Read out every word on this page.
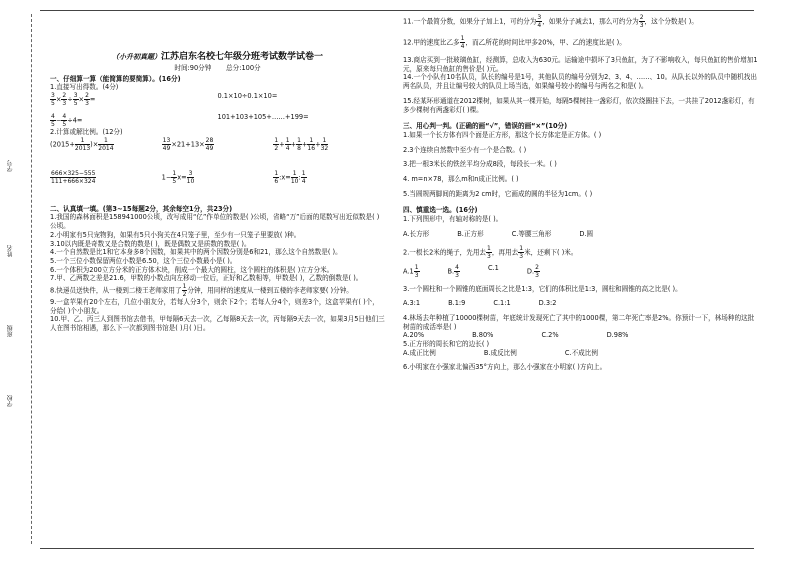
学号
姓名
班级
学校
（小升初真题）江苏启东名校七年级分班考试数学试卷一
时间:90分钟 总分:100分

一、仔细算一算（能简算的要简算）。(16分)

1.直接写出得数。(4分)

$\frac{3}{5} \times \frac{2}{3} \div \frac{3}{5} \times \frac{2}{3}$ =	0.1×10÷0.1×10=
$\frac{4}{5} - \frac{4}{5} \div 4=$	101+103+105+……+199=

2.计算或解比例。(12分)

($2015+ \frac{1}{2013}$ )× $\frac{1}{2014}$	$\frac{13}{49} \times 21+13\times \frac{28}{49}$	$\frac{1}{2} + \frac{1}{4} + \frac{1}{8} + \frac{1}{16} + \frac{1}{32}$
$\frac{666\times 325-555}{111+666\times 324}$	$1- \frac{1}{5} x= \frac{3}{10}$	$\frac{1}{6}$ :x= $\frac{1}{10}$ : $\frac{1}{4}$

二、认真填一填。(第3~15每题2分，其余每空1分，共23分)

1.我国的森林面积是158941000公顷，改写成用“亿”作单位的数是( )公顷，省略“万”后面的尾数写出近似数是( )公顷。

2.小明家有5只宠物狗，如果有5只小狗关在4只笼子里，至少有一只笼子里要放( )种。

3.10以内既是奇数又是合数的数是( )，既是偶数又是质数的数是( )。

4.一个自然数是比1和它本身多8个因数，如果其中的两个因数分别是6和21，那么这个自然数是( )。

5.一个三位小数保留两位小数是6.50，这个三位小数最小是( )。

6.一个体积为200立方分米的正方体木块，削成一个最大的圆柱，这个圆柱的体积是( )立方分米。

7.甲、乙两数之差是21.6，甲数的小数点向左移动一位后，正好和乙数相等，甲数是( )，乙数的倒数是( )。

8.快递员送快件，从一楼到二楼王老师家用了 $\frac{1}{2}$ 分钟，用同样的速度从一楼到五楼的李老师家要( )分钟。

9.一盒苹果有20个左右，几位小朋友分，若每人分3个，则余下2个；若每人分4个，则差3个，这盒苹果有( )个，分给( )个小朋友。

10.甲、乙、丙三人到图书馆去借书，甲每隔6天去一次，乙每隔8天去一次，丙每隔9天去一次，如果3月5日他们三人在图书馆相遇，那么下一次都到图书馆是( )月( )日。

11.一个最简分数，如果分子加上1，可约分为 $\frac{3}{4}$ ，如果分子减去1，那么可约分为 $\frac{2}{3}$ ，这个分数是( )。

12.甲的速度比乙多 $\frac{1}{4}$ ，而乙所花的时间比甲多20%，甲、乙的速度比是( )。

13.商店买到一批玻璃鱼缸，经测算，总收入为630元。运输途中损坏了3只鱼缸，为了不影响收入，每只鱼缸的售价增加1元，原来每只鱼缸的售价是( )元。

14.一个小队有10名队员，队长的编号是1号，其他队员的编号分别为2、3、4、……、10。从队长以外的队员中随机找出两名队员，并且让编号较大的队员上场当选，如果编号较小的编号与两名之和是( )。

15.经某环形通道在2012棵树，如果从其一棵开始，每隔5棵树挂一盏彩灯，依次绕圈挂下去，一共挂了2012盏彩灯，有多少棵树有两盏彩灯( )棵。

三、用心判一判。(正确的画“√”，错误的画“×”(10分)

1.如果一个长方体有四个面是正方形，那这个长方体定是正方体。( )

2.3个连续自然数中至少有一个是合数。( )

3.把一根3米长的铁丝平均分成8段，每段长一米。( )

4. m=n×78，那么m和n成正比例。( )

5.当圆规两脚间的距离为2 cm时，它画成的圆的半径为1cm。( )

四、慎重选一选。(16分)

1.下列图形中，有轴对称的是( )。

A.长方形	B.正方形	C.等腰三角形	D.圆

2.一根长2米的绳子，先用去 $\frac{1}{3}$ ，再用去 $\frac{1}{3}$ 米，还剩下( )米。

$A.1 \frac{1}{3}$	B. $\frac{4}{3}$	C.1	D. $\frac{2}{3}$

3.一个圆柱和一个圆锥的底面周长之比是1:3，它们的体积比是1:3，圆柱和圆锥的高之比是( )。

A.3:1	B.1:9	C.1:1	D.3:2

4.林场去年种植了10000棵树苗，年底统计发现死亡了其中的1000棵，第二年死亡率是2%。你预计一下，林场种的这批树苗的成活率是( )

A.20%	B.80%	C.2%	D.98%

5.正方形的周长和它的边长( )

A.成正比例	B.成反比例	C.不成比例

6.小明家在小强家北偏西35°方向上，那么小强家在小明家( )方向上。
